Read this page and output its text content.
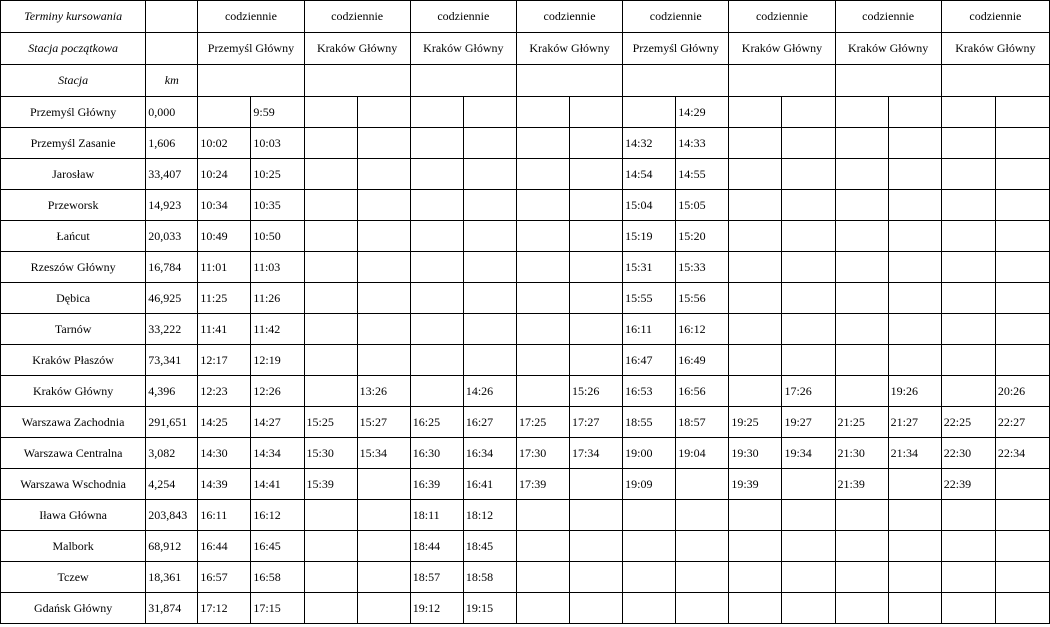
Terminy kursowania		codziennie		codziennie		codziennie		codziennie		codziennie		codziennie		codziennie		codziennie	
Stacja początkowa		Przemyśl Główny		Kraków Główny		Kraków Główny		Kraków Główny		Przemyśl Główny		Kraków Główny		Kraków Główny		Kraków Główny	
Stacja	km																
Przemyśl Główny	0,000		9:59								14:29						
Przemyśl Zasanie	1,606	10:02	10:03							14:32	14:33						
Jarosław	33,407	10:24	10:25							14:54	14:55						
Przeworsk	14,923	10:34	10:35							15:04	15:05						
Łańcut	20,033	10:49	10:50							15:19	15:20						
Rzeszów Główny	16,784	11:01	11:03							15:31	15:33						
Dębica	46,925	11:25	11:26							15:55	15:56						
Tarnów	33,222	11:41	11:42							16:11	16:12						
Kraków Płaszów	73,341	12:17	12:19							16:47	16:49						
Kraków Główny	4,396	12:23	12:26		13:26		14:26		15:26	16:53	16:56		17:26		19:26		20:26
Warszawa Zachodnia	291,651	14:25	14:27	15:25	15:27	16:25	16:27	17:25	17:27	18:55	18:57	19:25	19:27	21:25	21:27	22:25	22:27
Warszawa Centralna	3,082	14:30	14:34	15:30	15:34	16:30	16:34	17:30	17:34	19:00	19:04	19:30	19:34	21:30	21:34	22:30	22:34
Warszawa Wschodnia	4,254	14:39	14:41	15:39		16:39	16:41	17:39		19:09		19:39		21:39		22:39	
Iława Główna	203,843	16:11	16:12			18:11	18:12										
Malbork	68,912	16:44	16:45			18:44	18:45										
Tczew	18,361	16:57	16:58			18:57	18:58										
Gdańsk Główny	31,874	17:12	17:15			19:12	19:15										
